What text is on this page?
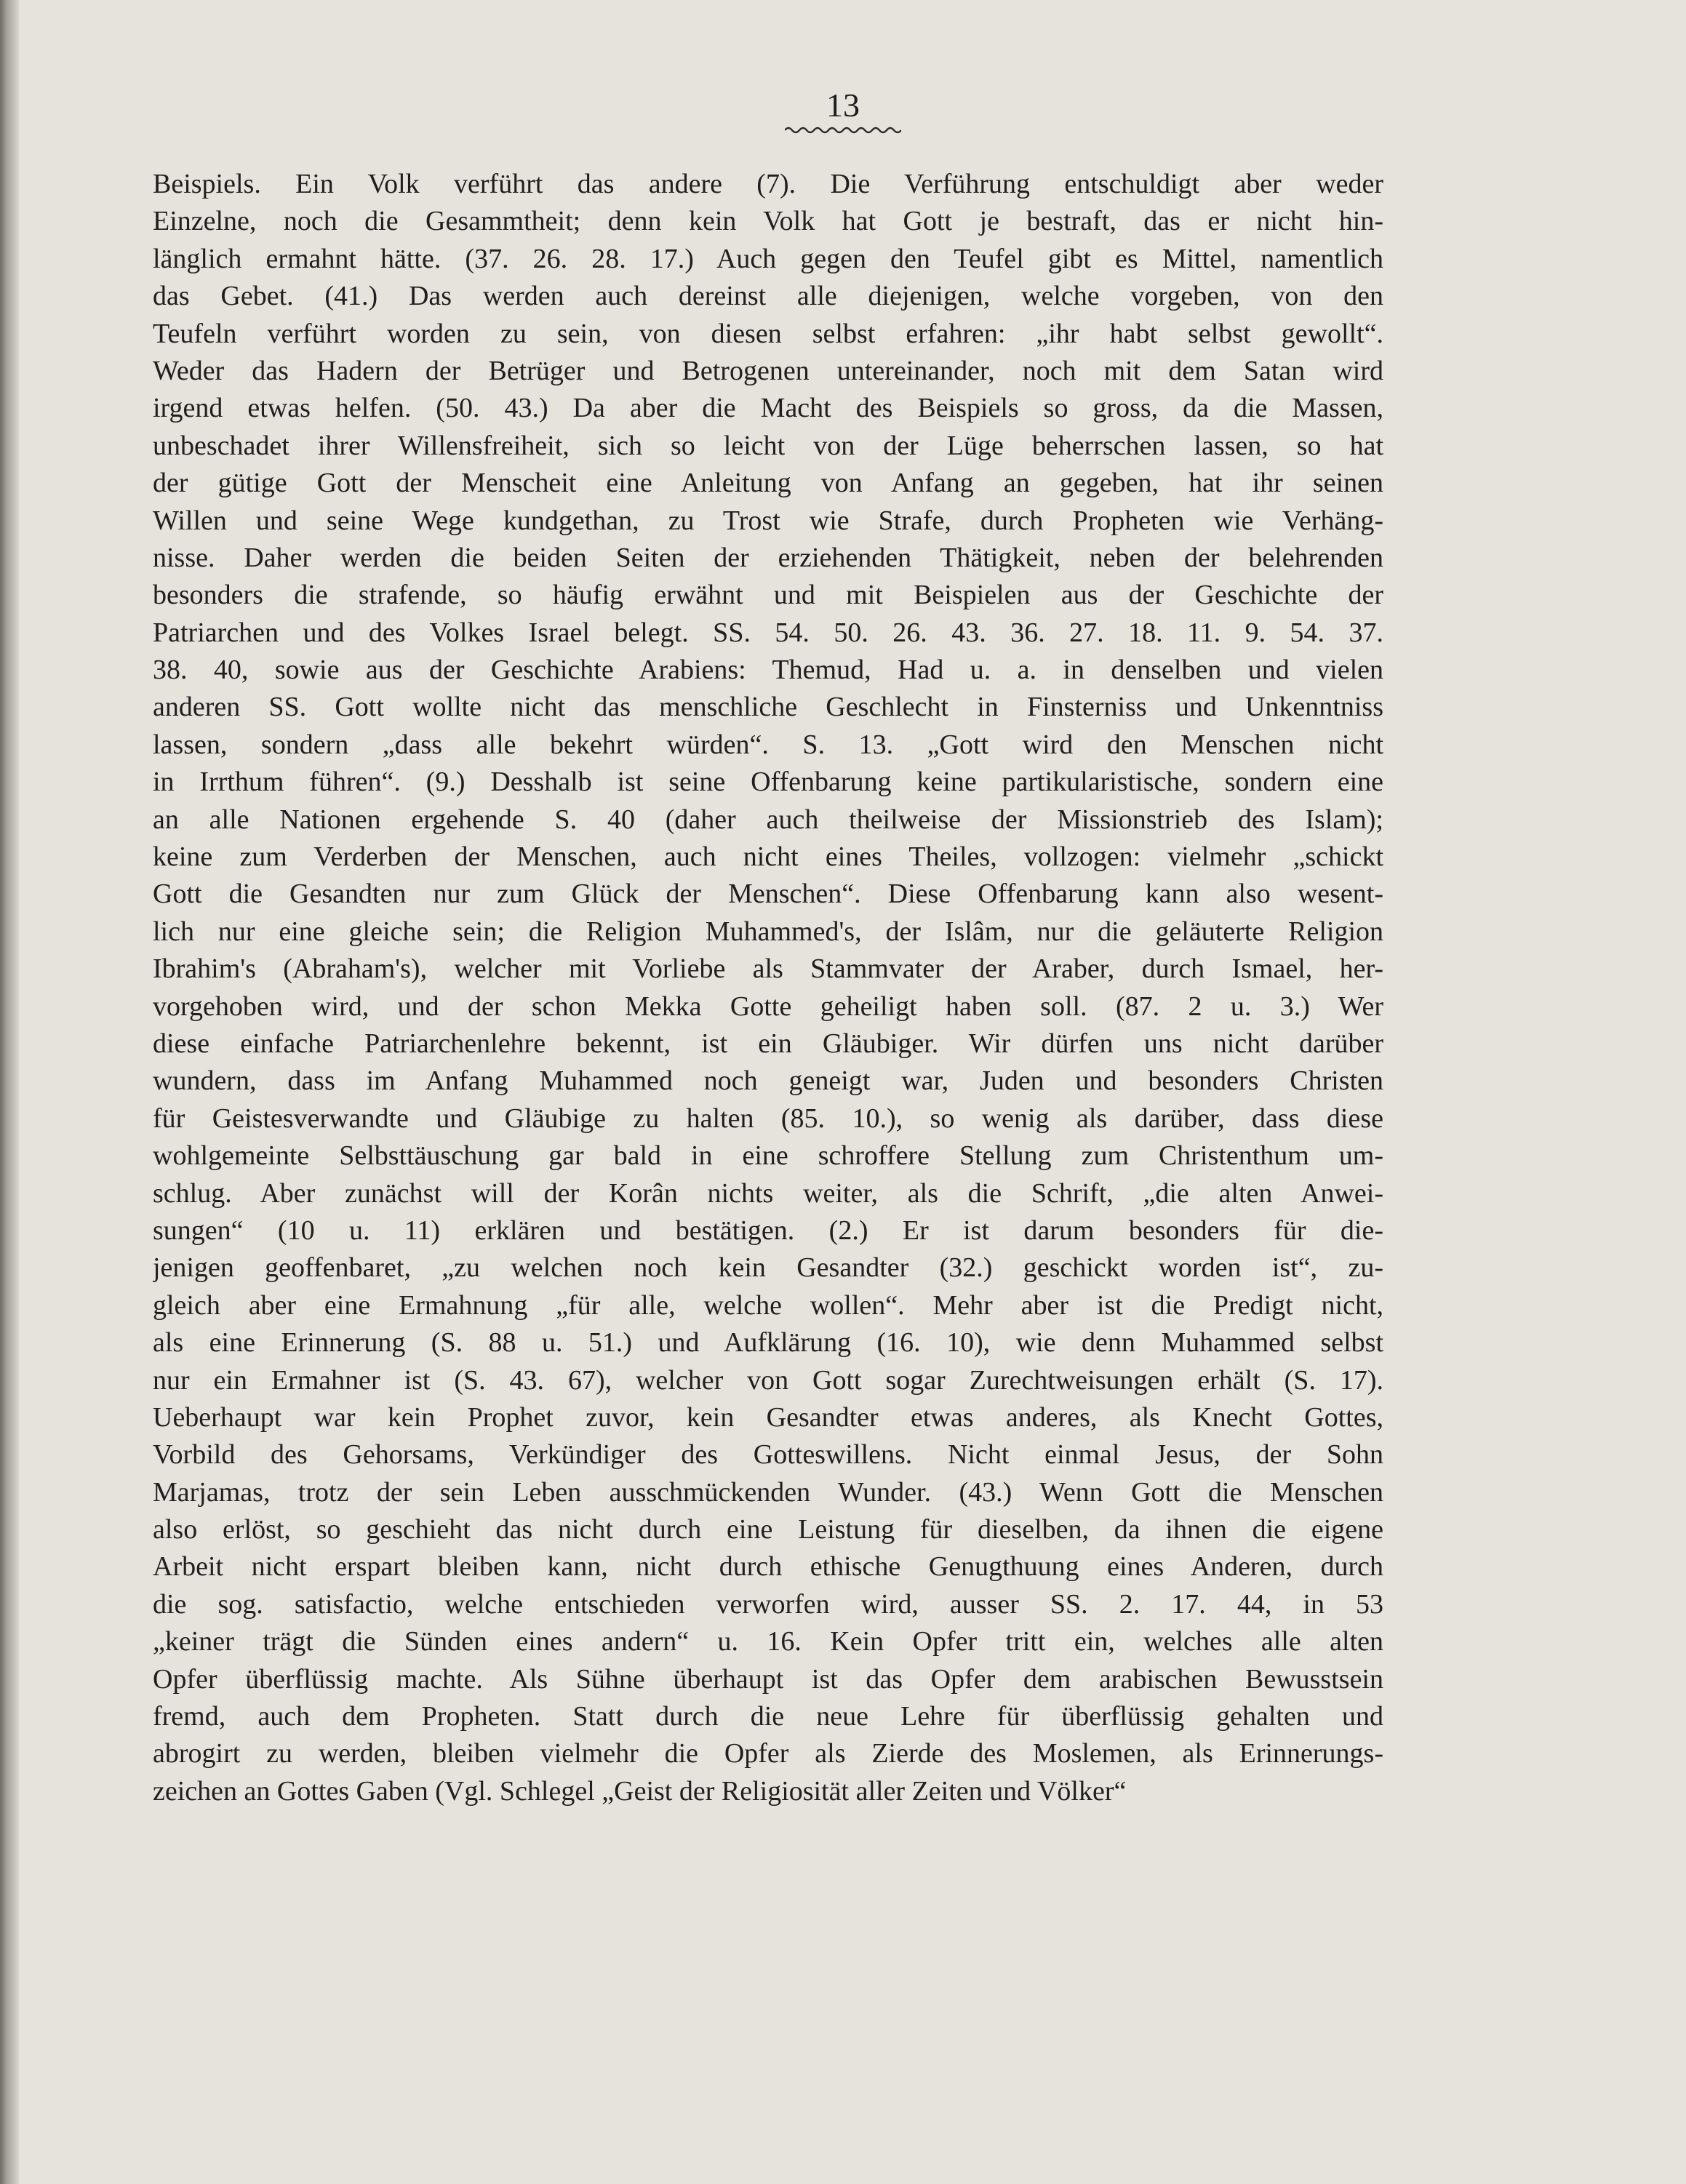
13
Beispiels. Ein Volk verführt das andere (7). Die Verführung entschuldigt aber weder
Einzelne, noch die Gesammtheit; denn kein Volk hat Gott je bestraft, das er nicht hin-
länglich ermahnt hätte. (37. 26. 28. 17.) Auch gegen den Teufel gibt es Mittel, namentlich
das Gebet. (41.) Das werden auch dereinst alle diejenigen, welche vorgeben, von den
Teufeln verführt worden zu sein, von diesen selbst erfahren: „ihr habt selbst gewollt“.
Weder das Hadern der Betrüger und Betrogenen untereinander, noch mit dem Satan wird
irgend etwas helfen. (50. 43.) Da aber die Macht des Beispiels so gross, da die Massen,
unbeschadet ihrer Willensfreiheit, sich so leicht von der Lüge beherrschen lassen, so hat
der gütige Gott der Menscheit eine Anleitung von Anfang an gegeben, hat ihr seinen
Willen und seine Wege kundgethan, zu Trost wie Strafe, durch Propheten wie Verhäng-
nisse. Daher werden die beiden Seiten der erziehenden Thätigkeit, neben der belehrenden
besonders die strafende, so häufig erwähnt und mit Beispielen aus der Geschichte der
Patriarchen und des Volkes Israel belegt. SS. 54. 50. 26. 43. 36. 27. 18. 11. 9. 54. 37.
38. 40, sowie aus der Geschichte Arabiens: Themud, Had u. a. in denselben und vielen
anderen SS. Gott wollte nicht das menschliche Geschlecht in Finsterniss und Unkenntniss
lassen, sondern „dass alle bekehrt würden“. S. 13. „Gott wird den Menschen nicht
in Irrthum führen“. (9.) Desshalb ist seine Offenbarung keine partikularistische, sondern eine
an alle Nationen ergehende S. 40 (daher auch theilweise der Missionstrieb des Islam);
keine zum Verderben der Menschen, auch nicht eines Theiles, vollzogen: vielmehr „schickt
Gott die Gesandten nur zum Glück der Menschen“. Diese Offenbarung kann also wesent-
lich nur eine gleiche sein; die Religion Muhammed's, der Islâm, nur die geläuterte Religion
Ibrahim's (Abraham's), welcher mit Vorliebe als Stammvater der Araber, durch Ismael, her-
vorgehoben wird, und der schon Mekka Gotte geheiligt haben soll. (87. 2 u. 3.) Wer
diese einfache Patriarchenlehre bekennt, ist ein Gläubiger. Wir dürfen uns nicht darüber
wundern, dass im Anfang Muhammed noch geneigt war, Juden und besonders Christen
für Geistesverwandte und Gläubige zu halten (85. 10.), so wenig als darüber, dass diese
wohlgemeinte Selbsttäuschung gar bald in eine schroffere Stellung zum Christenthum um-
schlug. Aber zunächst will der Korân nichts weiter, als die Schrift, „die alten Anwei-
sungen“ (10 u. 11) erklären und bestätigen. (2.) Er ist darum besonders für die-
jenigen geoffenbaret, „zu welchen noch kein Gesandter (32.) geschickt worden ist“, zu-
gleich aber eine Ermahnung „für alle, welche wollen“. Mehr aber ist die Predigt nicht,
als eine Erinnerung (S. 88 u. 51.) und Aufklärung (16. 10), wie denn Muhammed selbst
nur ein Ermahner ist (S. 43. 67), welcher von Gott sogar Zurechtweisungen erhält (S. 17).
Ueberhaupt war kein Prophet zuvor, kein Gesandter etwas anderes, als Knecht Gottes,
Vorbild des Gehorsams, Verkündiger des Gotteswillens. Nicht einmal Jesus, der Sohn
Marjamas, trotz der sein Leben ausschmückenden Wunder. (43.) Wenn Gott die Menschen
also erlöst, so geschieht das nicht durch eine Leistung für dieselben, da ihnen die eigene
Arbeit nicht erspart bleiben kann, nicht durch ethische Genugthuung eines Anderen, durch
die sog. satisfactio, welche entschieden verworfen wird, ausser SS. 2. 17. 44, in 53
„keiner trägt die Sünden eines andern“ u. 16. Kein Opfer tritt ein, welches alle alten
Opfer überflüssig machte. Als Sühne überhaupt ist das Opfer dem arabischen Bewusstsein
fremd, auch dem Propheten. Statt durch die neue Lehre für überflüssig gehalten und
abrogirt zu werden, bleiben vielmehr die Opfer als Zierde des Moslemen, als Erinnerungs-
zeichen an Gottes Gaben (Vgl. Schlegel „Geist der Religiosität aller Zeiten und Völker“
